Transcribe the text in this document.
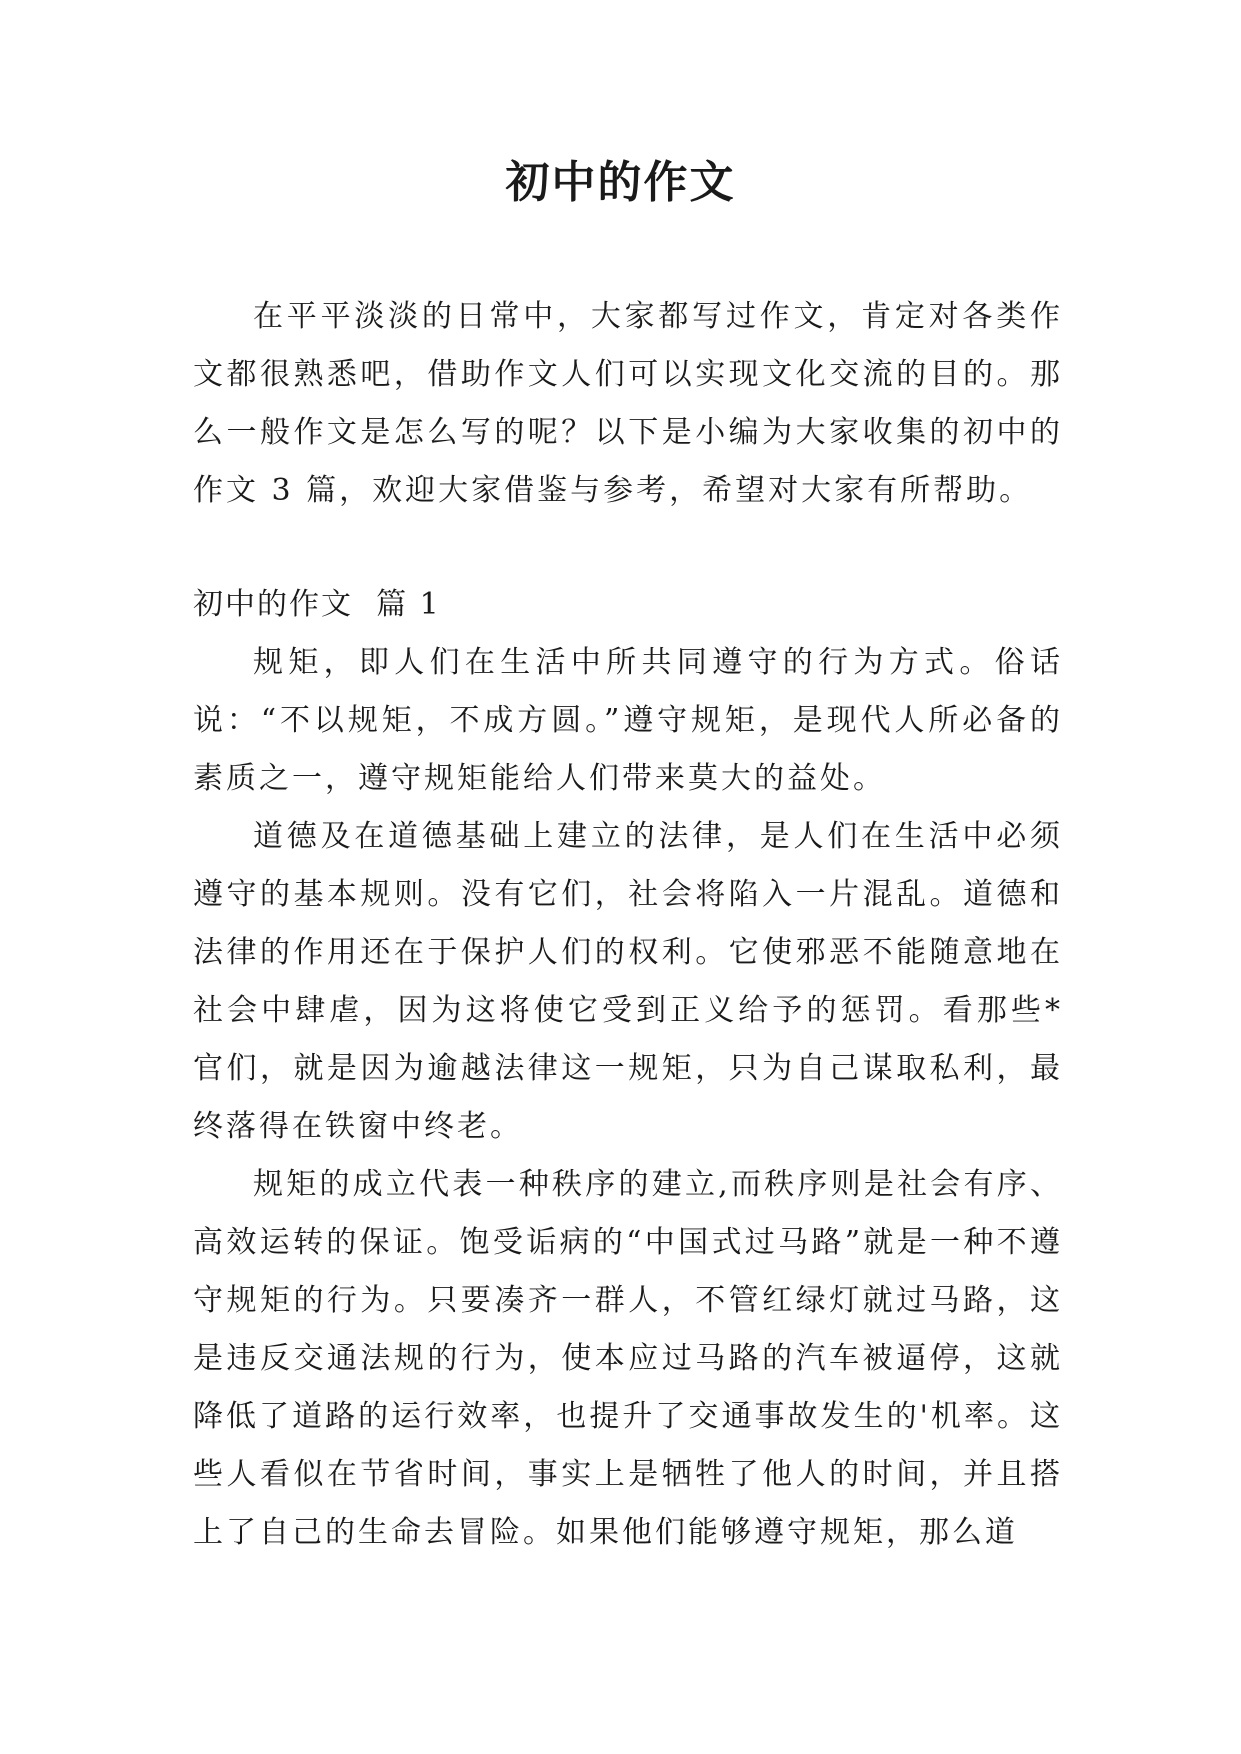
初中的作文

在平平淡淡的日常中，大家都写过作文，肯定对各类作文都很熟悉吧，借助作文人们可以实现文化交流的目的。那么一般作文是怎么写的呢？以下是小编为大家收集的初中的作文 3 篇，欢迎大家借鉴与参考，希望对大家有所帮助。

初中的作文  篇 1

规矩，即人们在生活中所共同遵守的行为方式。俗话说：“不以规矩，不成方圆。”遵守规矩，是现代人所必备的素质之一，遵守规矩能给人们带来莫大的益处。

道德及在道德基础上建立的法律，是人们在生活中必须遵守的基本规则。没有它们，社会将陷入一片混乱。道德和法律的作用还在于保护人们的权利。它使邪恶不能随意地在社会中肆虐，因为这将使它受到正义给予的惩罚。看那些*官们，就是因为逾越法律这一规矩，只为自己谋取私利，最终落得在铁窗中终老。

规矩的成立代表一种秩序的建立,而秩序则是社会有序、高效运转的保证。饱受诟病的“中国式过马路”就是一种不遵守规矩的行为。只要凑齐一群人，不管红绿灯就过马路，这是违反交通法规的行为，使本应过马路的汽车被逼停，这就降低了道路的运行效率，也提升了交通事故发生的'机率。这些人看似在节省时间，事实上是牺牲了他人的时间，并且搭上了自己的生命去冒险。如果他们能够遵守规矩，那么道
